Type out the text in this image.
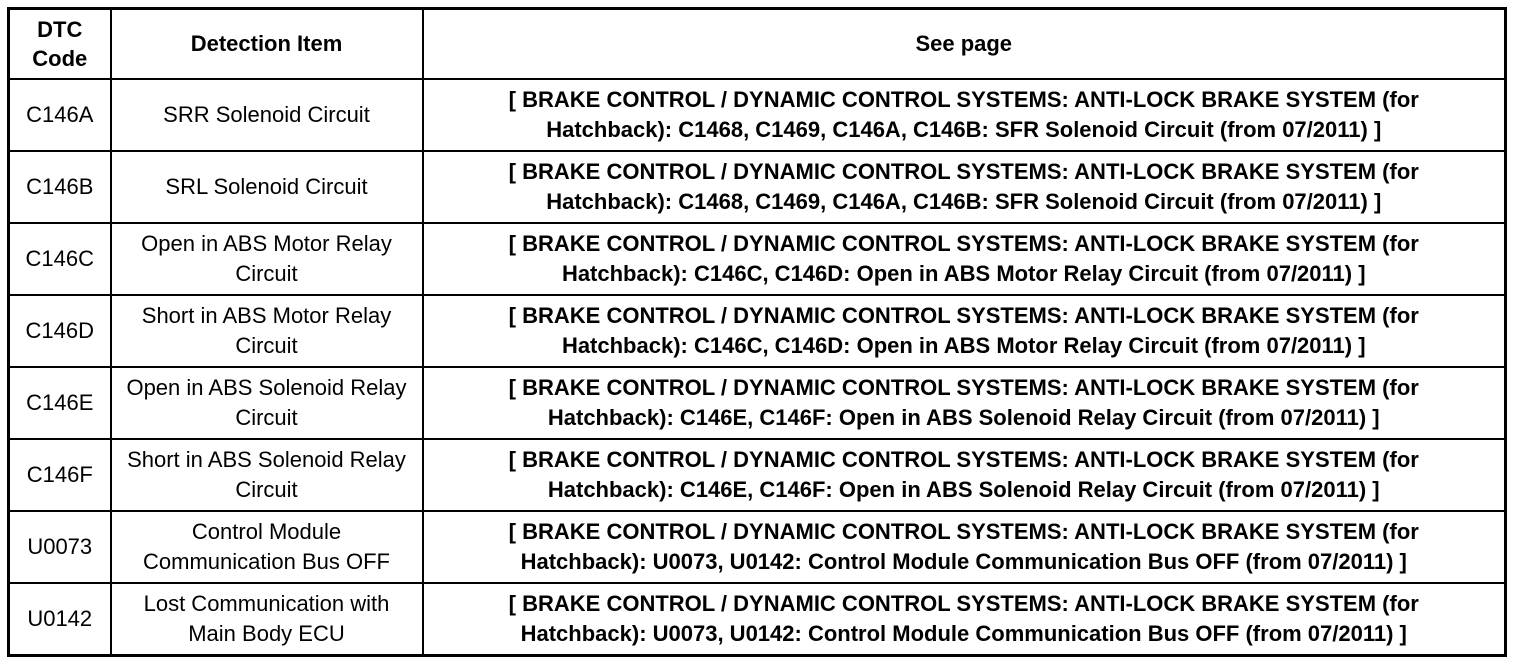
DTC
Code	Detection Item	See page
C146A	SRR Solenoid Circuit	[ BRAKE CONTROL / DYNAMIC CONTROL SYSTEMS: ANTI-LOCK BRAKE SYSTEM (for Hatchback): C1468, C1469, C146A, C146B: SFR Solenoid Circuit (from 07/2011) ]
C146B	SRL Solenoid Circuit	[ BRAKE CONTROL / DYNAMIC CONTROL SYSTEMS: ANTI-LOCK BRAKE SYSTEM (for Hatchback): C1468, C1469, C146A, C146B: SFR Solenoid Circuit (from 07/2011) ]
C146C	Open in ABS Motor Relay Circuit	[ BRAKE CONTROL / DYNAMIC CONTROL SYSTEMS: ANTI-LOCK BRAKE SYSTEM (for Hatchback): C146C, C146D: Open in ABS Motor Relay Circuit (from 07/2011) ]
C146D	Short in ABS Motor Relay Circuit	[ BRAKE CONTROL / DYNAMIC CONTROL SYSTEMS: ANTI-LOCK BRAKE SYSTEM (for Hatchback): C146C, C146D: Open in ABS Motor Relay Circuit (from 07/2011) ]
C146E	Open in ABS Solenoid Relay Circuit	[ BRAKE CONTROL / DYNAMIC CONTROL SYSTEMS: ANTI-LOCK BRAKE SYSTEM (for Hatchback): C146E, C146F: Open in ABS Solenoid Relay Circuit (from 07/2011) ]
C146F	Short in ABS Solenoid Relay Circuit	[ BRAKE CONTROL / DYNAMIC CONTROL SYSTEMS: ANTI-LOCK BRAKE SYSTEM (for Hatchback): C146E, C146F: Open in ABS Solenoid Relay Circuit (from 07/2011) ]
U0073	Control Module Communication Bus OFF	[ BRAKE CONTROL / DYNAMIC CONTROL SYSTEMS: ANTI-LOCK BRAKE SYSTEM (for Hatchback): U0073, U0142: Control Module Communication Bus OFF (from 07/2011) ]
U0142	Lost Communication with Main Body ECU	[ BRAKE CONTROL / DYNAMIC CONTROL SYSTEMS: ANTI-LOCK BRAKE SYSTEM (for Hatchback): U0073, U0142: Control Module Communication Bus OFF (from 07/2011) ]
